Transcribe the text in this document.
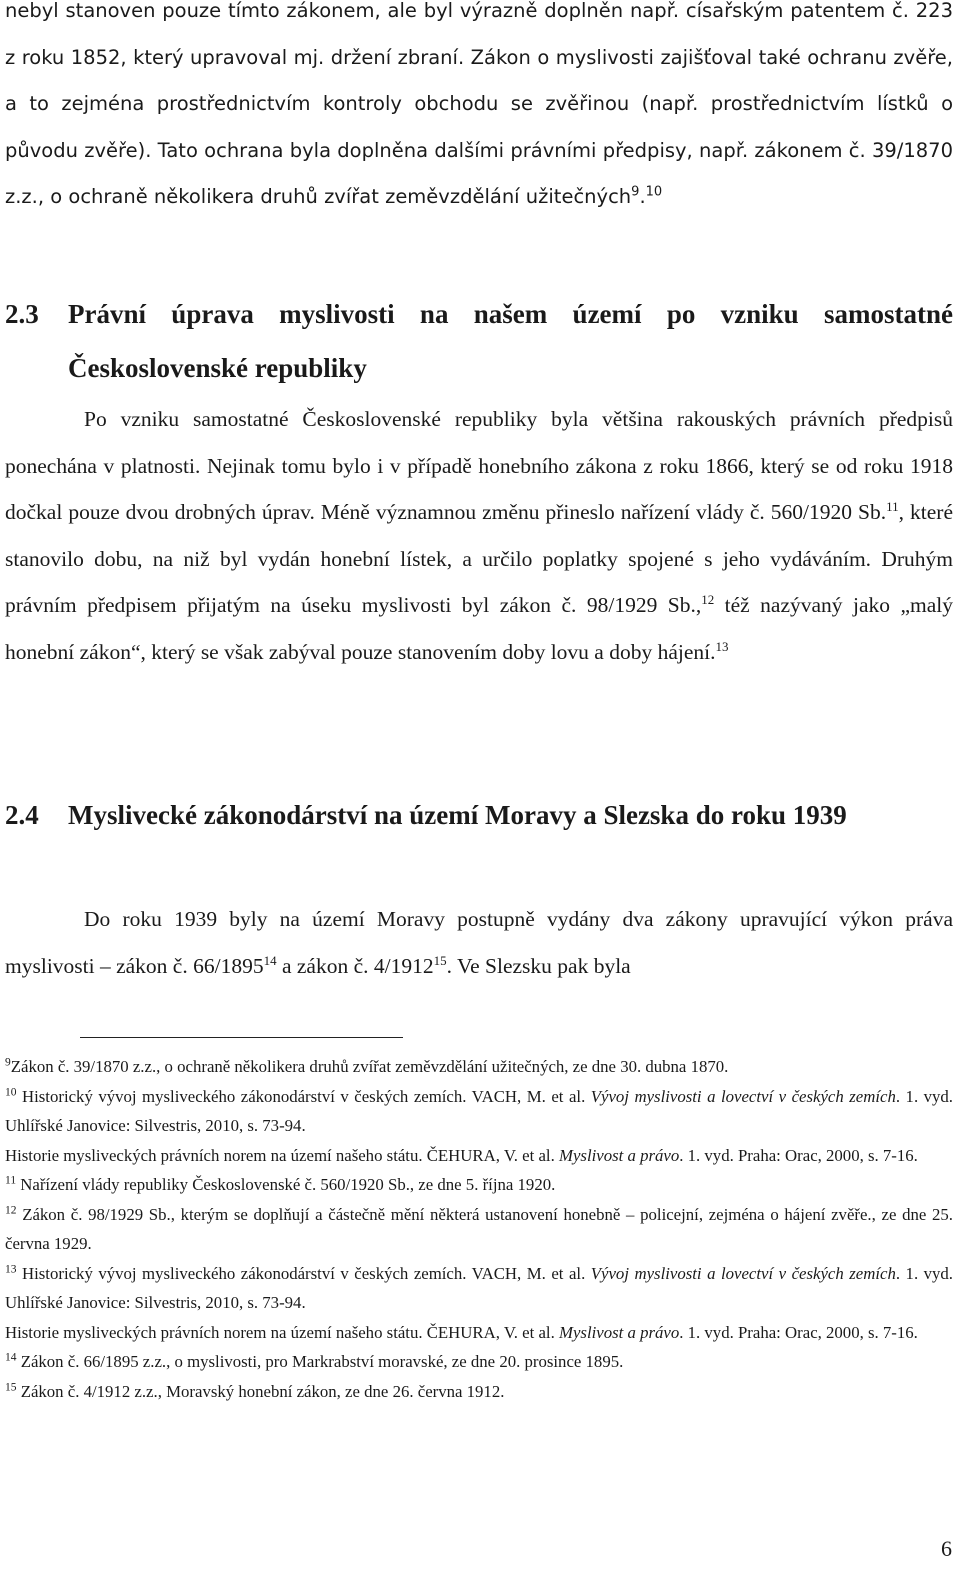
nebyl stanoven pouze tímto zákonem, ale byl výrazně doplněn např. císařským patentem č. 223 z roku 1852, který upravoval mj. držení zbraní. Zákon o myslivosti zajišťoval také ochranu zvěře, a to zejména prostřednictvím kontroly obchodu se zvěřinou (např. prostřednictvím lístků o původu zvěře). Tato ochrana byla doplněna dalšími právními předpisy, např. zákonem č. 39/1870 z.z., o ochraně několikera druhů zvířat zeměvzdělání užitečných$^9$.$^{10}$

2.3	Právní úprava myslivosti na našem území po vzniku samostatné Československé republiky

Po vzniku samostatné Československé republiky byla většina rakouských právních předpisů ponechána v platnosti. Nejinak tomu bylo i v případě honebního zákona z roku 1866, který se od roku 1918 dočkal pouze dvou drobných úprav. Méně významnou změnu přineslo nařízení vlády č. 560/1920 Sb.$^{11}$, které stanovilo dobu, na niž byl vydán honební lístek, a určilo poplatky spojené s jeho vydáváním. Druhým právním předpisem přijatým na úseku myslivosti byl zákon č. 98/1929 Sb.,$^{12}$ též nazývaný jako „malý honební zákon“, který se však zabýval pouze stanovením doby lovu a doby hájení.$^{13}$

2.4	Myslivecké zákonodárství na území Moravy a Slezska do roku 1939

Do roku 1939 byly na území Moravy postupně vydány dva zákony upravující výkon práva myslivosti – zákon č. 66/1895$^{14}$ a zákon č. 4/1912$^{15}$. Ve Slezsku pak byla

$^9$Zákon č. 39/1870 z.z., o ochraně několikera druhů zvířat zeměvzdělání užitečných, ze dne 30. dubna 1870.

$^{10}$ Historický vývoj mysliveckého zákonodárství v českých zemích. VACH, M. et al. Vývoj myslivosti a lovectví v českých zemích. 1. vyd. Uhlířské Janovice: Silvestris, 2010, s. 73-94.

Historie mysliveckých právních norem na území našeho státu. ČEHURA, V. et al. Myslivost a právo. 1. vyd. Praha: Orac, 2000, s. 7-16.

$^{11}$ Nařízení vlády republiky Československé č. 560/1920 Sb., ze dne 5. října 1920.

$^{12}$ Zákon č. 98/1929 Sb., kterým se doplňují a částečně mění některá ustanovení honebně – policejní, zejména o hájení zvěře., ze dne 25. června 1929.

$^{13}$ Historický vývoj mysliveckého zákonodárství v českých zemích. VACH, M. et al. Vývoj myslivosti a lovectví v českých zemích. 1. vyd. Uhlířské Janovice: Silvestris, 2010, s. 73-94.

Historie mysliveckých právních norem na území našeho státu. ČEHURA, V. et al. Myslivost a právo. 1. vyd. Praha: Orac, 2000, s. 7-16.

$^{14}$ Zákon č. 66/1895 z.z., o myslivosti, pro Markrabství moravské, ze dne 20. prosince 1895.

$^{15}$ Zákon č. 4/1912 z.z., Moravský honební zákon, ze dne 26. června 1912.

6
